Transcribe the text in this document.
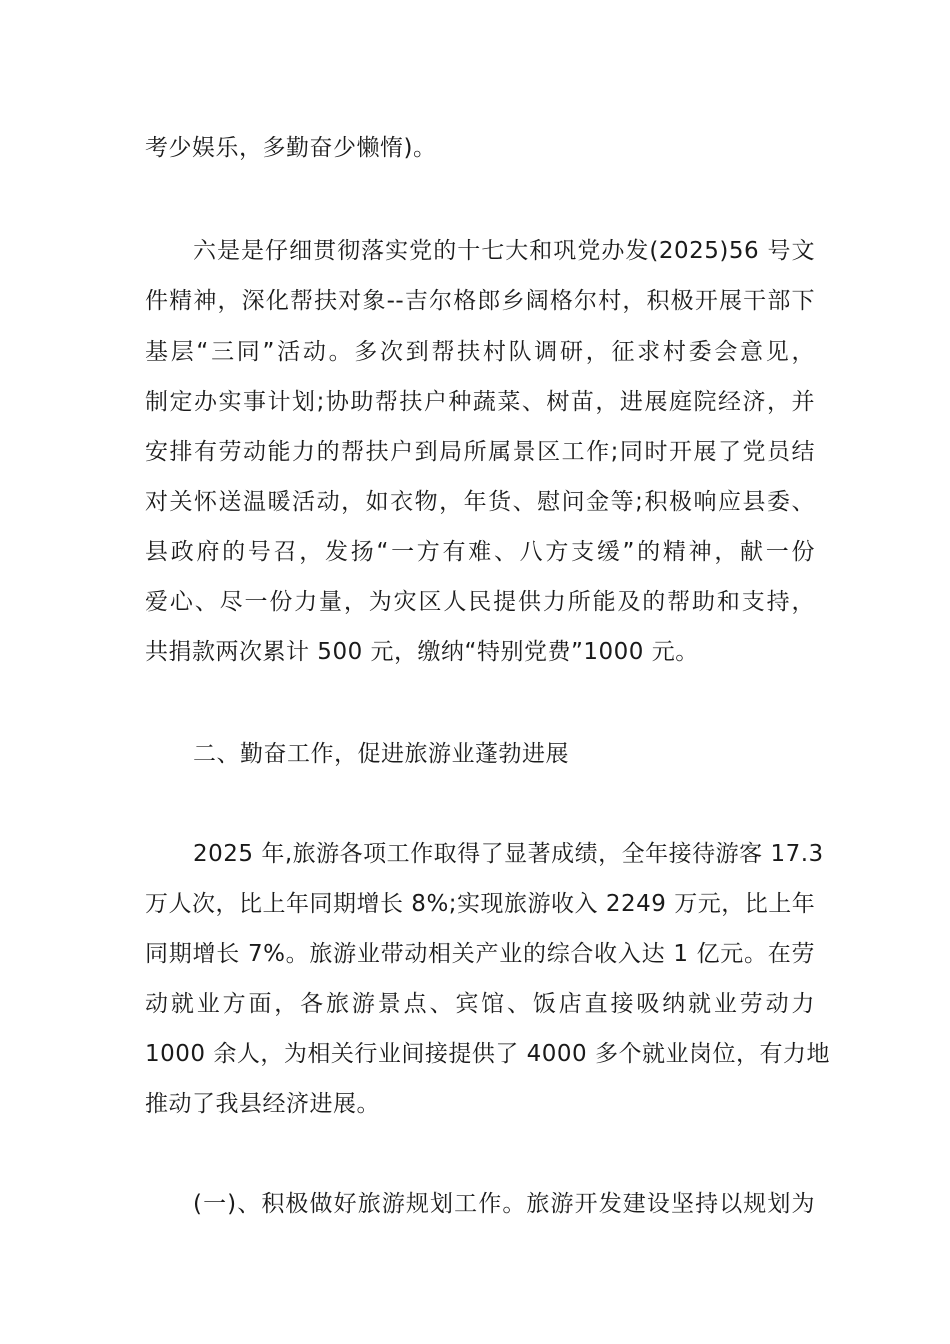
考少娱乐，多勤奋少懒惰)。
六是是仔细贯彻落实党的十七大和巩党办发(2025)56 号文
件精神，深化帮扶对象--吉尔格郎乡阔格尔村，积极开展干部下
基层“三同”活动。多次到帮扶村队调研，征求村委会意见，
制定办实事计划;协助帮扶户种蔬菜、树苗，进展庭院经济，并
安排有劳动能力的帮扶户到局所属景区工作;同时开展了党员结
对关怀送温暖活动，如衣物，年货、慰问金等;积极响应县委、
县政府的号召，发扬“一方有难、八方支缓”的精神，献一份
爱心、尽一份力量，为灾区人民提供力所能及的帮助和支持，
共捐款两次累计 500 元，缴纳“特别党费”1000 元。
二、勤奋工作，促进旅游业蓬勃进展
2025 年,旅游各项工作取得了显著成绩，全年接待游客 17.3
万人次，比上年同期增长 8%;实现旅游收入 2249 万元，比上年
同期增长 7%。旅游业带动相关产业的综合收入达 1 亿元。在劳
动就业方面，各旅游景点、宾馆、饭店直接吸纳就业劳动力
1000 余人，为相关行业间接提供了 4000 多个就业岗位，有力地
推动了我县经济进展。
(一)、积极做好旅游规划工作。旅游开发建设坚持以规划为
